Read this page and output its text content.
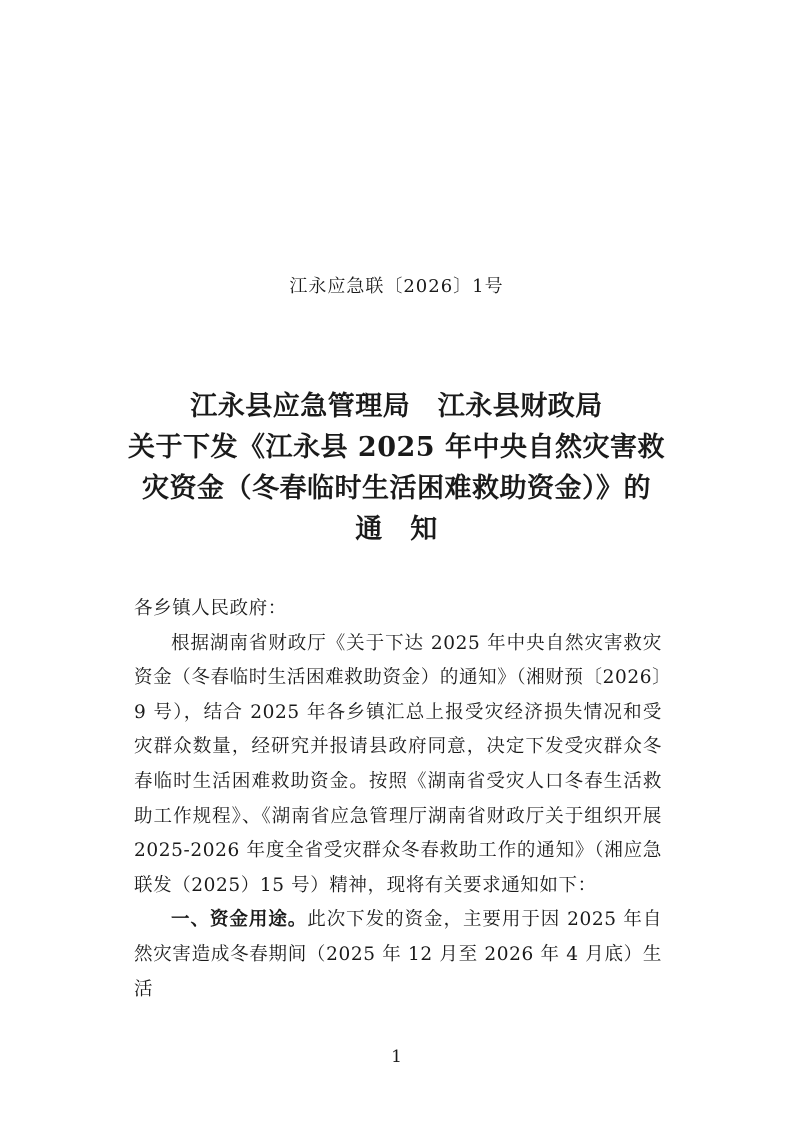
江永应急联〔2026〕1号
江永县应急管理局　江永县财政局
关于下发《江永县 2025 年中央自然灾害救
灾资金（冬春临时生活困难救助资金）》的
通　知

各乡镇人民政府：

根据湖南省财政厅《关于下达 2025 年中央自然灾害救灾资金（冬春临时生活困难救助资金）的通知》（湘财预〔2026〕9 号），结合 2025 年各乡镇汇总上报受灾经济损失情况和受灾群众数量，经研究并报请县政府同意，决定下发受灾群众冬春临时生活困难救助资金。按照《湖南省受灾人口冬春生活救助工作规程》、《湖南省应急管理厅湖南省财政厅关于组织开展 2025-2026 年度全省受灾群众冬春救助工作的通知》（湘应急联发（2025）15 号）精神，现将有关要求通知如下：

一、资金用途。此次下发的资金，主要用于因 2025 年自然灾害造成冬春期间（2025 年 12 月至 2026 年 4 月底）生活

1
